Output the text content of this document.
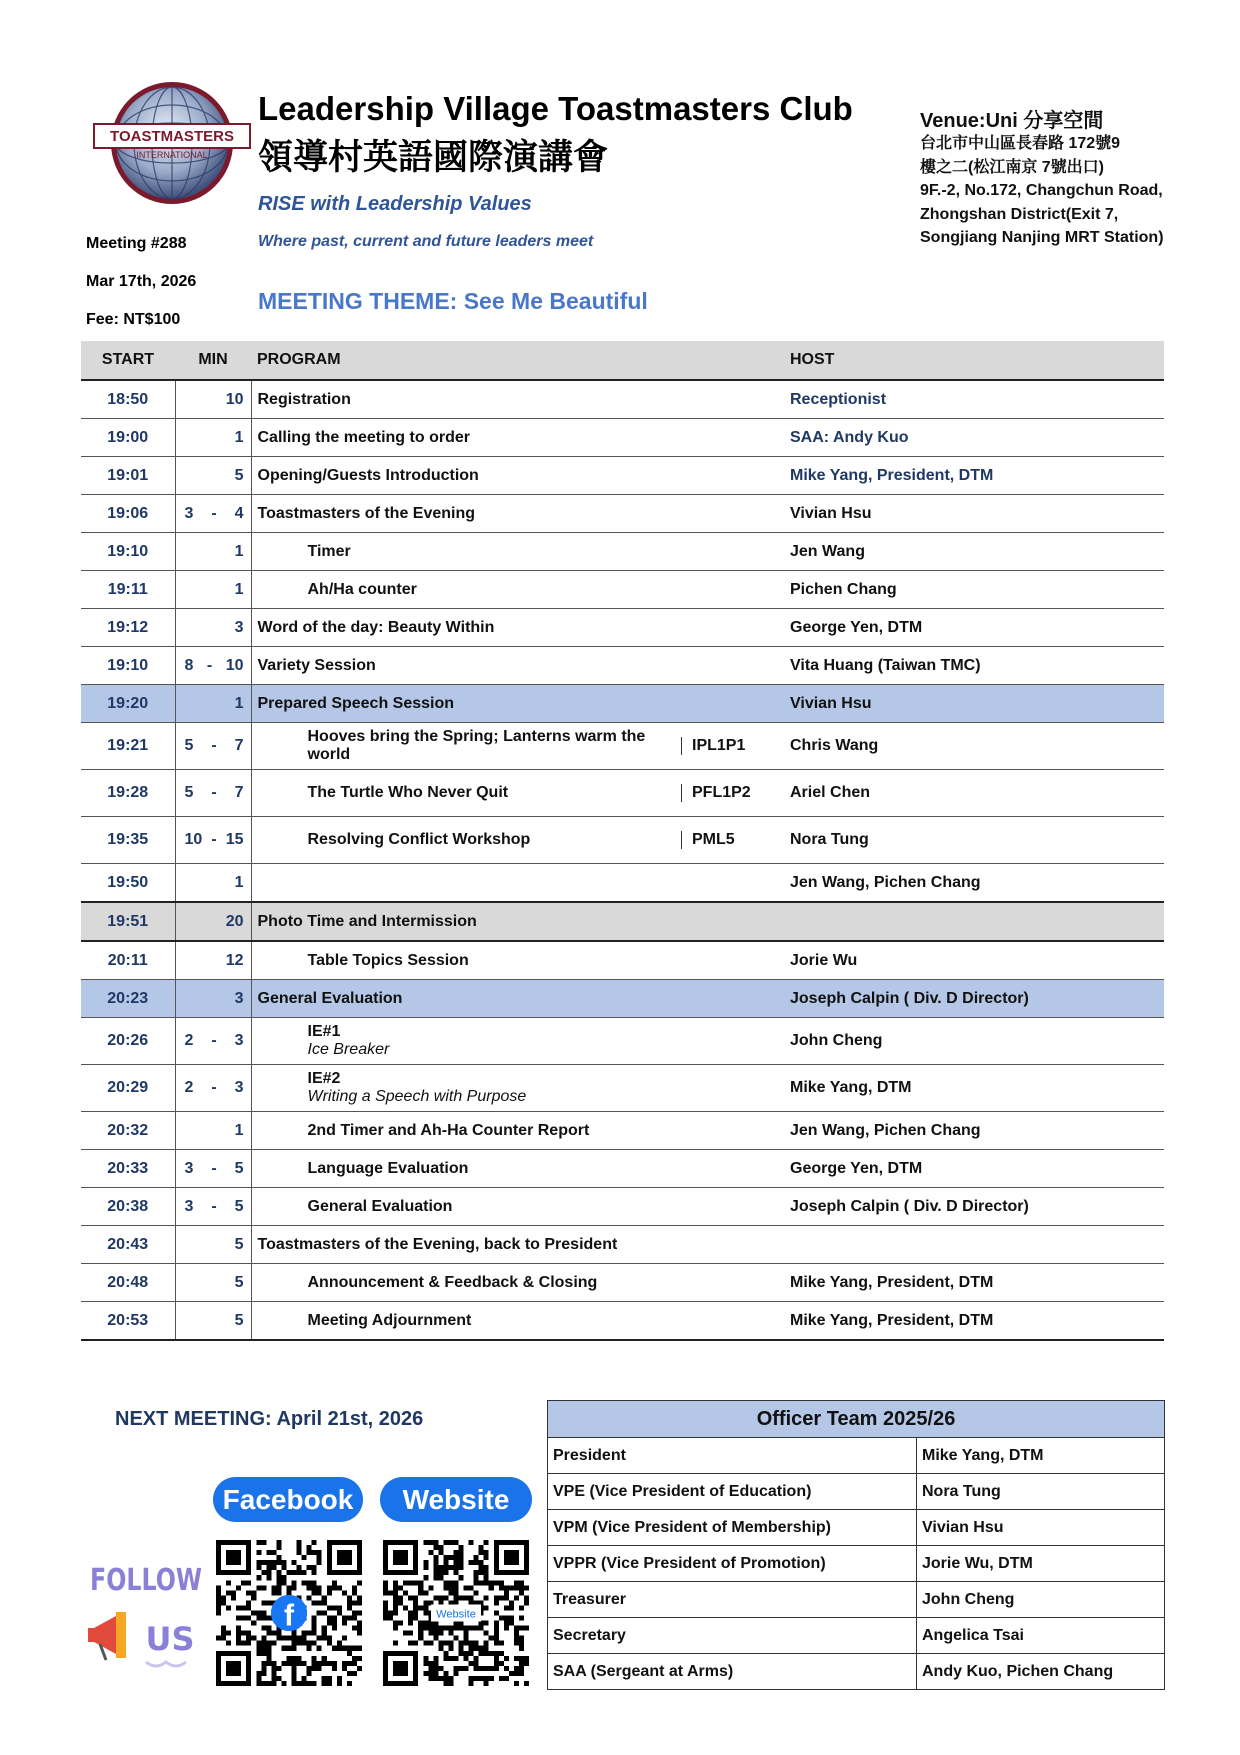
TOASTMASTERS
INTERNATIONAL
Leadership Village Toastmasters Club
領導村英語國際演講會
RISE with Leadership Values
Where past, current and future leaders meet
MEETING THEME: See Me Beautiful
Meeting #288
Mar 17th, 2026
Fee: NT$100
Venue:Uni 分享空間
台北市中山區長春路 172號9
樓之二(松江南京 7號出口)
9F.-2, No.172, Changchun Road, Zhongshan District(Exit 7, Songjiang Nanjing MRT Station)
START	MIN	PROGRAM		HOST
18:50	10	Registration		Receptionist
19:00	1	Calling the meeting to order		SAA: Andy Kuo
19:01	5	Opening/Guests Introduction		Mike Yang, President, DTM
19:06	3 - 4	Toastmasters of the Evening		Vivian Hsu
19:10	1	Timer		Jen Wang
19:11	1	Ah/Ha counter		Pichen Chang
19:12	3	Word of the day: Beauty Within		George Yen, DTM
19:10	8 - 10	Variety Session		Vita Huang (Taiwan TMC)
19:20	1	Prepared Speech Session		Vivian Hsu
19:21	5 - 7	Hooves bring the Spring; Lanterns warm the world	IPL1P1	Chris Wang
19:28	5 - 7	The Turtle Who Never Quit	PFL1P2	Ariel Chen
19:35	10 - 15	Resolving Conflict Workshop	PML5	Nora Tung
19:50	1			Jen Wang, Pichen Chang
19:51	20	Photo Time and Intermission		
20:11	12	Table Topics Session		Jorie Wu
20:23	3	General Evaluation		Joseph Calpin ( Div. D Director)
20:26	2 - 3	IE#1
Ice Breaker		John Cheng
20:29	2 - 3	IE#2
Writing a Speech with Purpose		Mike Yang, DTM
20:32	1	2nd Timer and Ah-Ha Counter Report		Jen Wang, Pichen Chang
20:33	3 - 5	Language Evaluation		George Yen, DTM
20:38	3 - 5	General Evaluation		Joseph Calpin ( Div. D Director)
20:43	5	Toastmasters of the Evening, back to President		
20:48	5	Announcement & Feedback & Closing		Mike Yang, President, DTM
20:53	5	Meeting Adjournment		Mike Yang, President, DTM
NEXT MEETING: April 21st, 2026
Facebook	Website
f	Website
FOLLOW
US
Officer Team 2025/26	
President	Mike Yang, DTM
VPE (Vice President of Education)	Nora Tung
VPM (Vice President of Membership)	Vivian Hsu
VPPR (Vice President of Promotion)	Jorie Wu, DTM
Treasurer	John Cheng
Secretary	Angelica Tsai
SAA (Sergeant at Arms)	Andy Kuo, Pichen Chang
